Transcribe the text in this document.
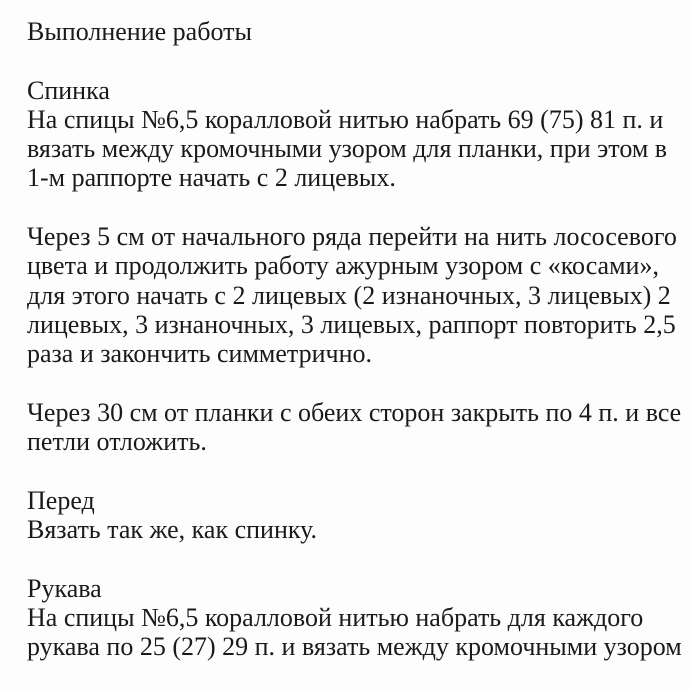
Выполнение работы
Спинка
На спицы №6,5 коралловой нитью набрать 69 (75) 81 п. и
вязать между кромочными узором для планки, при этом в
1-м раппорте начать с 2 лицевых.
Через 5 см от начального ряда перейти на нить лососевого
цвета и продолжить работу ажурным узором с «косами»,
для этого начать с 2 лицевых (2 изнаночных, 3 лицевых) 2
лицевых, 3 изнаночных, 3 лицевых, раппорт повторить 2,5
раза и закончить симметрично.
Через 30 см от планки с обеих сторон закрыть по 4 п. и все
петли отложить.
Перед
Вязать так же, как спинку.
Рукава
На спицы №6,5 коралловой нитью набрать для каждого
рукава по 25 (27) 29 п. и вязать между кромочными узором
